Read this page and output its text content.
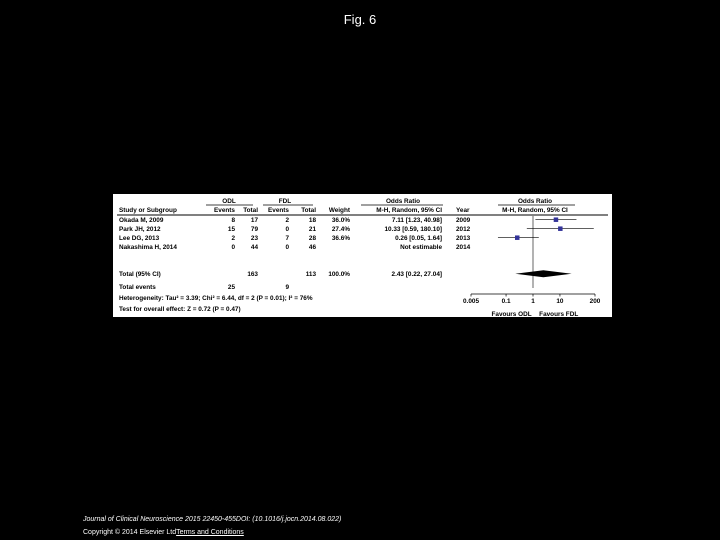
Fig. 6
ODL	FDL	Odds Ratio	Odds Ratio
Study or Subgroup	Events Total Events Total Weight	M-H, Random, 95% CI Year	M-H, Random, 95% CI
Okada M, 2009	8 17	2	18 36.0%	7.11 [1.23, 40.98] 2009
Park JH, 2012	15 79	0	21 27.4%	10.33 [0.59, 180.10] 2012
Lee DG, 2013	2 23	7	28 36.6%	0.26 [0.05, 1.64] 2013
Nakashima H, 2014	0 44	0	46	Not estimable 2014
Total (95% CI)	163	113 100.0%	2.43 [0.22, 27.04]
Total events	25	9
Heterogeneity: Tau² = 3.39; Chi² = 6.44, df = 2 (P = 0.01); I² = 76%
Test for overall effect: Z = 0.72 (P = 0.47)
0.005	0.1	1	10	200
Favours ODL Favours FDL
Journal of Clinical Neuroscience 2015 22450-455DOI: (10.1016/j.jocn.2014.08.022)
Copyright © 2014 Elsevier LtdTerms and Conditions
